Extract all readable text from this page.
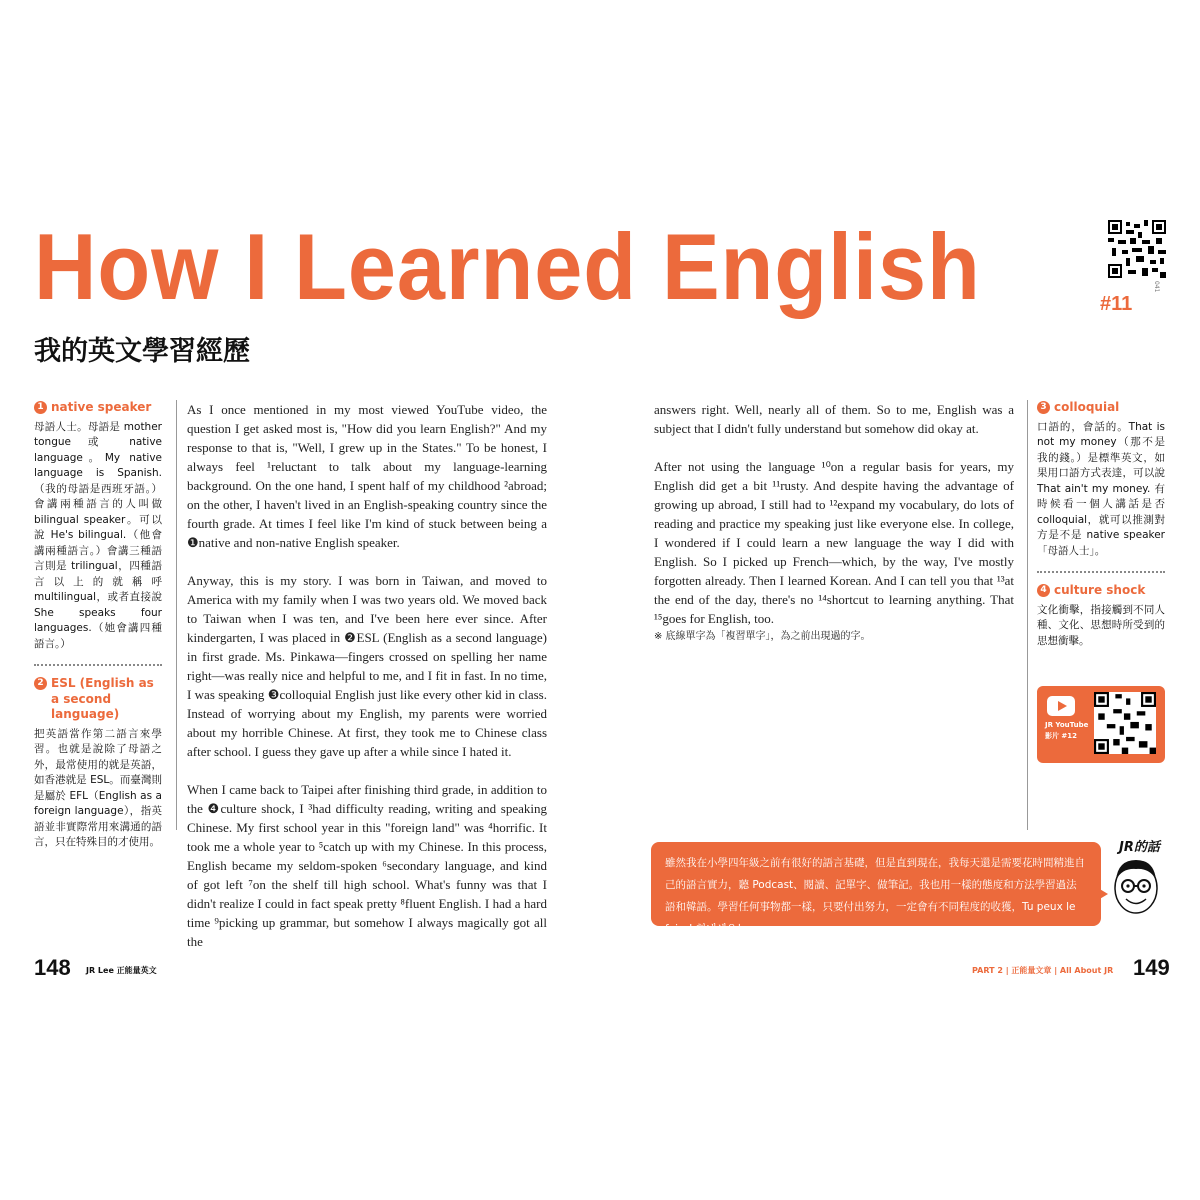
How I Learned English
我的英文學習經歷
041
#11
1 native speaker
母語人士。母語是 mother tongue 或 native language。My native language is Spanish.（我的母語是西班牙語。）會講兩種語言的人叫做 bilingual speaker。可以說 He's bilingual.（他會講兩種語言。）會講三種語言則是 trilingual，四種語言以上的就稱呼 multilingual，或者直接說 She speaks four languages.（她會講四種語言。）
2 ESL (English as a second language)
把英語當作第二語言來學習。也就是說除了母語之外，最常使用的就是英語，如香港就是 ESL。而臺灣則是屬於 EFL（English as a foreign language），指英語並非實際常用來溝通的語言，只在特殊目的才使用。

As I once mentioned in my most viewed YouTube video, the question I get asked most is, "How did you learn English?" And my response to that is, "Well, I grew up in the States." To be honest, I always feel ¹reluctant to talk about my language-learning background. On the one hand, I spent half of my childhood ²abroad; on the other, I haven't lived in an English-speaking country since the fourth grade. At times I feel like I'm kind of stuck between being a ❶native and non-native English speaker.

Anyway, this is my story. I was born in Taiwan, and moved to America with my family when I was two years old. We moved back to Taiwan when I was ten, and I've been here ever since. After kindergarten, I was placed in ❷ESL (English as a second language) in first grade. Ms. Pinkawa—fingers crossed on spelling her name right—was really nice and helpful to me, and I fit in fast. In no time, I was speaking ❸colloquial English just like every other kid in class. Instead of worrying about my English, my parents were worried about my horrible Chinese. At first, they took me to Chinese class after school. I guess they gave up after a while since I hated it.

When I came back to Taipei after finishing third grade, in addition to the ❹culture shock, I ³had difficulty reading, writing and speaking Chinese. My first school year in this "foreign land" was ⁴horrific. It took me a whole year to ⁵catch up with my Chinese. In this process, English became my seldom-spoken ⁶secondary language, and kind of got left ⁷on the shelf till high school. What's funny was that I didn't realize I could in fact speak pretty ⁸fluent English. I had a hard time ⁹picking up grammar, but somehow I always magically got all the

answers right. Well, nearly all of them. So to me, English was a subject that I didn't fully understand but somehow did okay at.

After not using the language ¹⁰on a regular basis for years, my English did get a bit ¹¹rusty. And despite having the advantage of growing up abroad, I still had to ¹²expand my vocabulary, do lots of reading and practice my speaking just like everyone else. In college, I wondered if I could learn a new language the way I did with English. So I picked up French—which, by the way, I've mostly forgotten already. Then I learned Korean. And I can tell you that ¹³at the end of the day, there's no ¹⁴shortcut to learning anything. That ¹⁵goes for English, too.

※ 底線單字為「複習單字」，為之前出現過的字。
3 colloquial
口語的，會話的。That is not my money（那不是我的錢。）是標準英文，如果用口語方式表達，可以說 That ain't my money. 有時候看一個人講話是否 colloquial，就可以推測對方是不是 native speaker「母語人士」。
4 culture shock
文化衝擊，指接觸到不同人種、文化、思想時所受到的思想衝擊。
JR YouTube
影片 #12
雖然我在小學四年級之前有很好的語言基礎，但是直到現在，我每天還是需要花時間精進自己的語言實力，聽 Podcast、閱讀、記單字、做筆記。我也用一樣的態度和方法學習過法語和韓語。學習任何事物都一樣，只要付出努力，一定會有不同程度的收獲，Tu peux le faire! 힘내세요！
JR的話
148 JR Lee 正能量英文	PART 2 | 正能量文章 | All About JR 149
